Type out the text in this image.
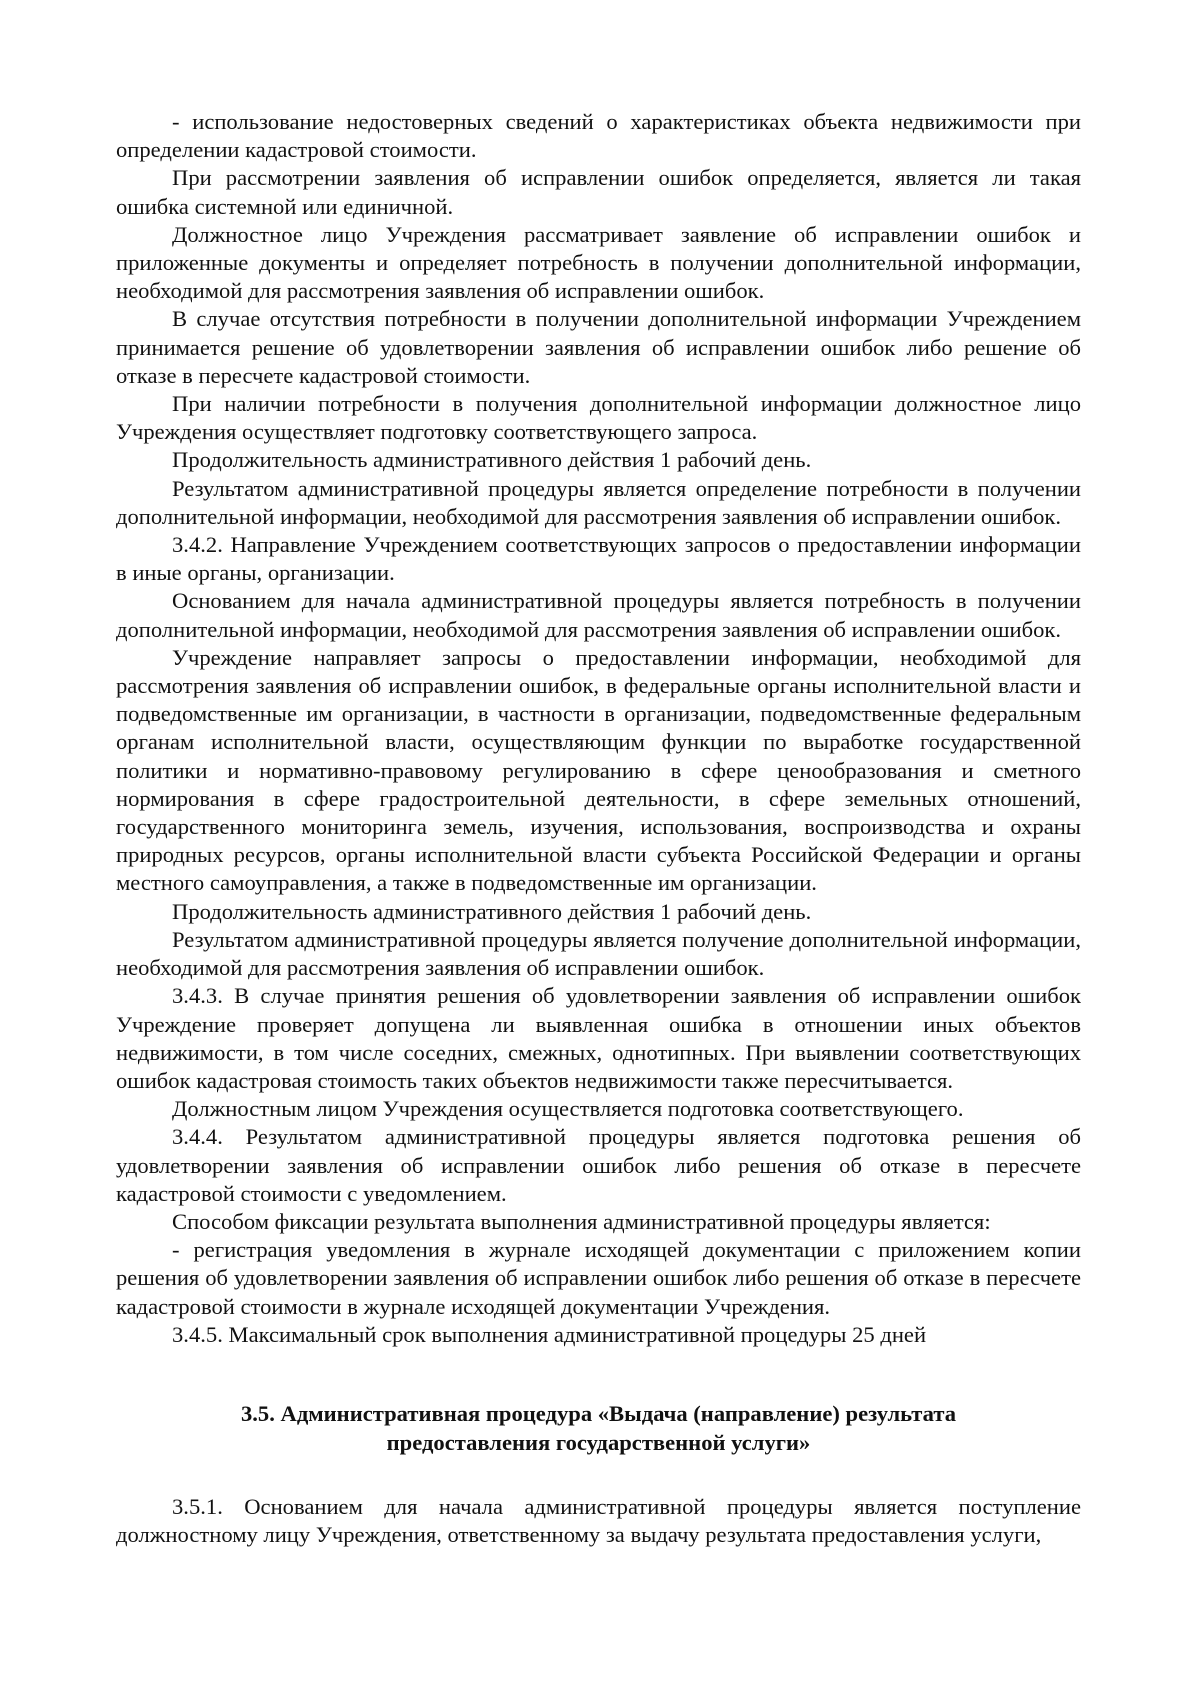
- использование недостоверных сведений о характеристиках объекта недвижимости при определении кадастровой стоимости.

При рассмотрении заявления об исправлении ошибок определяется, является ли такая ошибка системной или единичной.

Должностное лицо Учреждения рассматривает заявление об исправлении ошибок и приложенные документы и определяет потребность в получении дополнительной информации, необходимой для рассмотрения заявления об исправлении ошибок.

В случае отсутствия потребности в получении дополнительной информации Учреждением принимается решение об удовлетворении заявления об исправлении ошибок либо решение об отказе в пересчете кадастровой стоимости.

При наличии потребности в получения дополнительной информации должностное лицо Учреждения осуществляет подготовку соответствующего запроса.

Продолжительность административного действия 1 рабочий день.

Результатом административной процедуры является определение потребности в получении дополнительной информации, необходимой для рассмотрения заявления об исправлении ошибок.

3.4.2. Направление Учреждением соответствующих запросов о предоставлении информации в иные органы, организации.

Основанием для начала административной процедуры является потребность в получении дополнительной информации, необходимой для рассмотрения заявления об исправлении ошибок.

Учреждение направляет запросы о предоставлении информации, необходимой для рассмотрения заявления об исправлении ошибок, в федеральные органы исполнительной власти и подведомственные им организации, в частности в организации, подведомственные федеральным органам исполнительной власти, осуществляющим функции по выработке государственной политики и нормативно-правовому регулированию в сфере ценообразования и сметного нормирования в сфере градостроительной деятельности, в сфере земельных отношений, государственного мониторинга земель, изучения, использования, воспроизводства и охраны природных ресурсов, органы исполнительной власти субъекта Российской Федерации и органы местного самоуправления, а также в подведомственные им организации.

Продолжительность административного действия 1 рабочий день.

Результатом административной процедуры является получение дополнительной информации, необходимой для рассмотрения заявления об исправлении ошибок.

3.4.3. В случае принятия решения об удовлетворении заявления об исправлении ошибок Учреждение проверяет допущена ли выявленная ошибка в отношении иных объектов недвижимости, в том числе соседних, смежных, однотипных. При выявлении соответствующих ошибок кадастровая стоимость таких объектов недвижимости также пересчитывается.

Должностным лицом Учреждения осуществляется подготовка соответствующего.

3.4.4. Результатом административной процедуры является подготовка решения об удовлетворении заявления об исправлении ошибок либо решения об отказе в пересчете кадастровой стоимости с уведомлением.

Способом фиксации результата выполнения административной процедуры является:

- регистрация уведомления в журнале исходящей документации с приложением копии решения об удовлетворении заявления об исправлении ошибок либо решения об отказе в пересчете кадастровой стоимости в журнале исходящей документации Учреждения.

3.4.5. Максимальный срок выполнения административной процедуры 25 дней

3.5. Административная процедура «Выдача (направление) результата
предоставления государственной услуги»

3.5.1. Основанием для начала административной процедуры является поступление должностному лицу Учреждения, ответственному за выдачу результата предоставления услуги,
